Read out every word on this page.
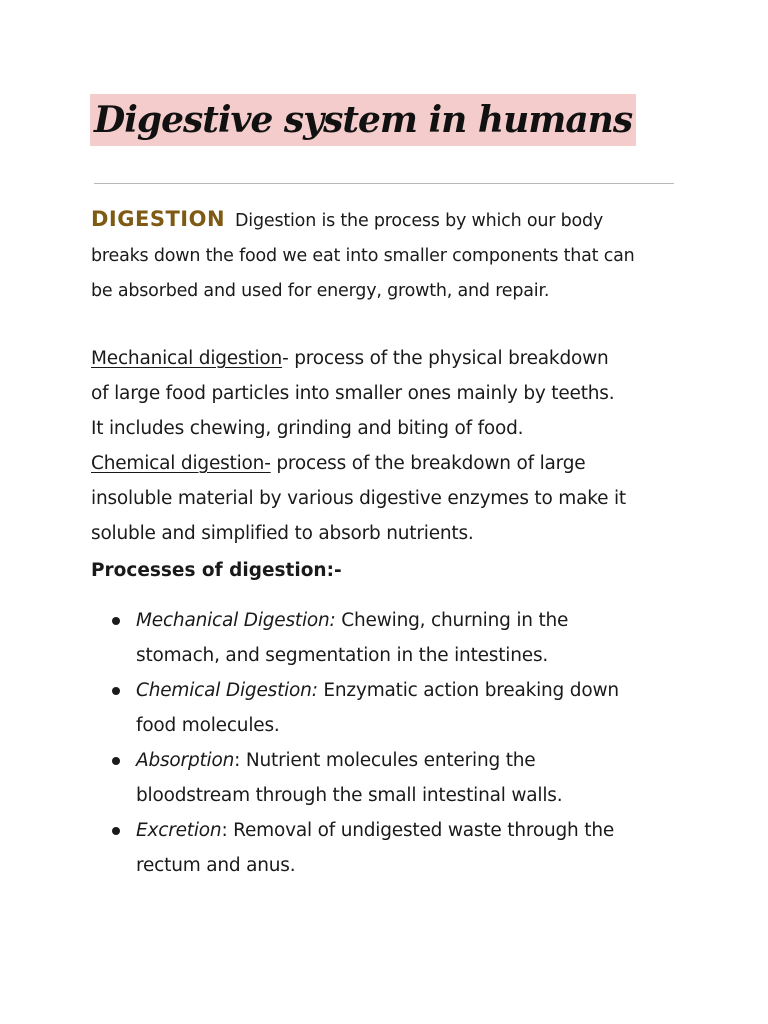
Digestive system in humans
DIGESTION Digestion is the process by which our body
breaks down the food we eat into smaller components that can
be absorbed and used for energy, growth, and repair.
Mechanical digestion- process of the physical breakdown
of large food particles into smaller ones mainly by teeths.
It includes chewing, grinding and biting of food.
Chemical digestion- process of the breakdown of large
insoluble material by various digestive enzymes to make it
soluble and simplified to absorb nutrients.
Processes of digestion:-
Mechanical Digestion: Chewing, churning in the
stomach, and segmentation in the intestines.
Chemical Digestion: Enzymatic action breaking down
food molecules.
Absorption: Nutrient molecules entering the
bloodstream through the small intestinal walls.
Excretion: Removal of undigested waste through the
rectum and anus.
